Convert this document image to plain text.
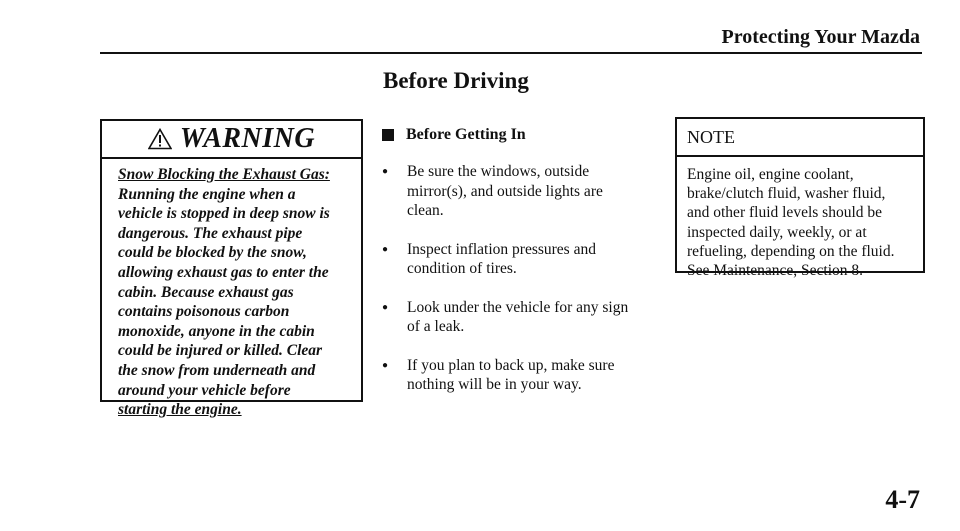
Protecting Your Mazda
Before Driving
WARNING
Snow Blocking the Exhaust Gas:
Running the engine when a
vehicle is stopped in deep snow is
dangerous. The exhaust pipe
could be blocked by the snow,
allowing exhaust gas to enter the
cabin. Because exhaust gas
contains poisonous carbon
monoxide, anyone in the cabin
could be injured or killed. Clear
the snow from underneath and
around your vehicle before
starting the engine.
Before Getting In
●
Be sure the windows, outside
mirror(s), and outside lights are
clean.
●
Inspect inflation pressures and
condition of tires.
●
Look under the vehicle for any sign
of a leak.
●
If you plan to back up, make sure
nothing will be in your way.
NOTE
Engine oil, engine coolant,
brake/clutch fluid, washer fluid,
and other fluid levels should be
inspected daily, weekly, or at
refueling, depending on the fluid.
See Maintenance, Section 8.
4-7
